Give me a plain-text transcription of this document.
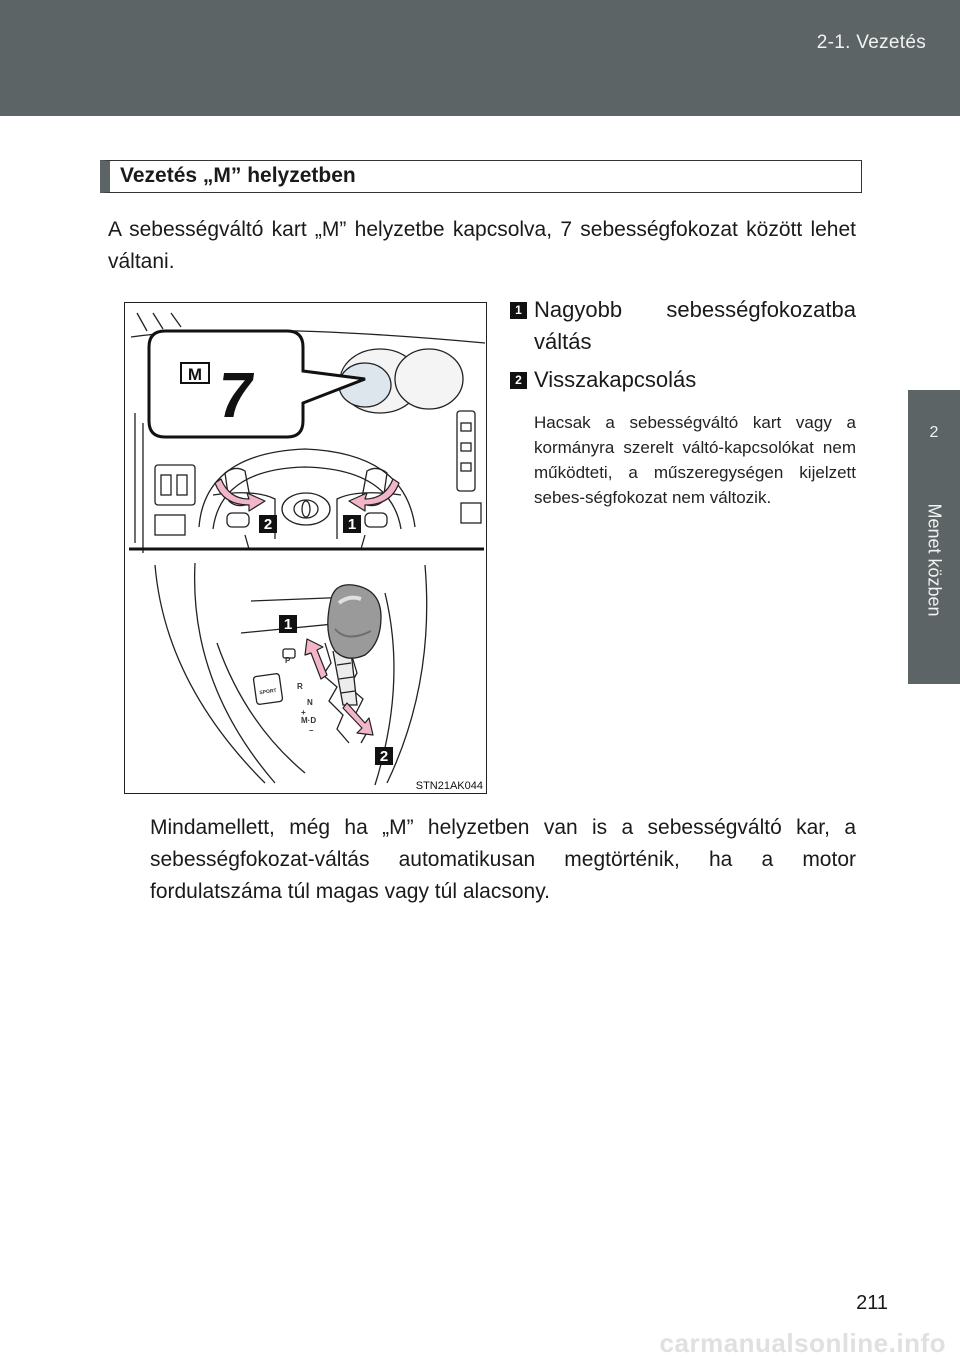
2-1. Vezetés
2
Menet közben
Vezetés „M” helyzetben
A sebességváltó kart „M” helyzetbe kapcsolva, 7 sebességfokozat között lehet váltani.
P
R
N
+
M·D
–
SPORT
M 7
2	1
1
2
STN21AK044
1 Nagyobb sebességfokozatba váltás
2 Visszakapcsolás
Hacsak a sebességváltó kart vagy a kormányra szerelt váltó-kapcsolókat nem működteti, a műszeregységen kijelzett sebes-ségfokozat nem változik.
Mindamellett, még ha „M” helyzetben van is a sebességváltó kar, a sebességfokozat-váltás automatikusan megtörténik, ha a motor fordulatszáma túl magas vagy túl alacsony.
211
carmanualsonline.info
